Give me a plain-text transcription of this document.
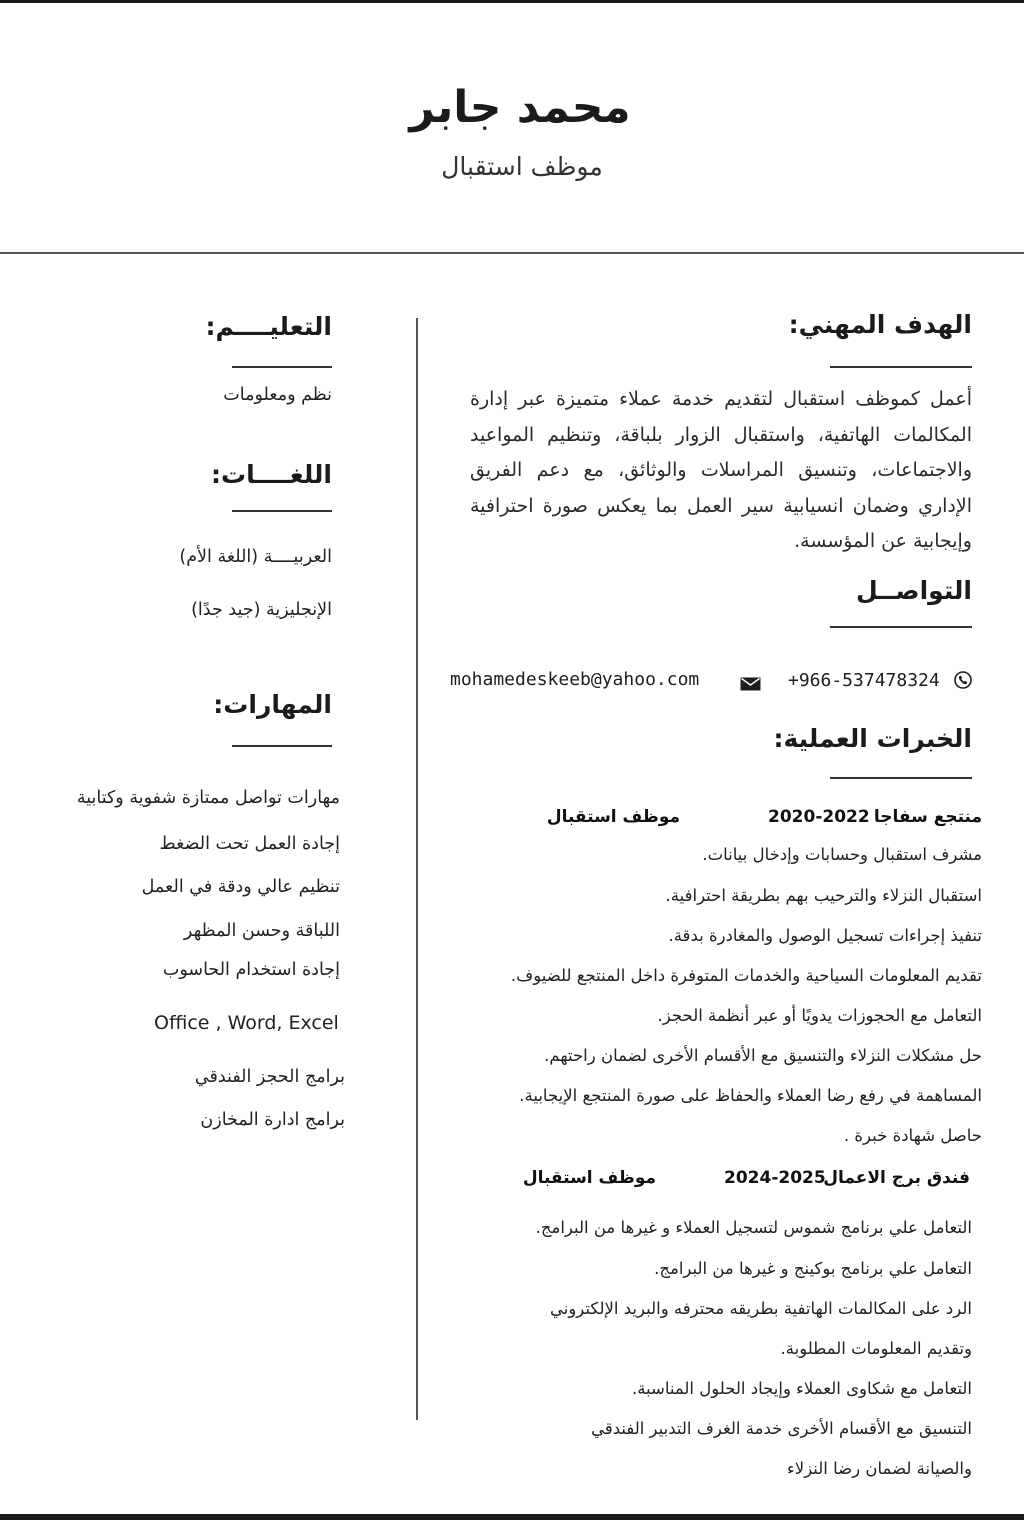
محمد جابر
موظف استقبال
الهدف المهني:
أعمل كموظف استقبال لتقديم خدمة عملاء متميزة عبر إدارة المكالمات الهاتفية، واستقبال الزوار بلباقة، وتنظيم المواعيد والاجتماعات، وتنسيق المراسلات والوثائق، مع دعم الفريق الإداري وضمان انسيابية سير العمل بما يعكس صورة احترافية وإيجابية عن المؤسسة.
التواصــل
+966-537478324
mohamedeskeeb@yahoo.com
الخبرات العملية:
منتجع سفاجا
2020-2022
موظف استقبال
مشرف استقبال وحسابات وإدخال بيانات.
استقبال النزلاء والترحيب بهم بطريقة احترافية.
تنفيذ إجراءات تسجيل الوصول والمغادرة بدقة.
تقديم المعلومات السياحية والخدمات المتوفرة داخل المنتجع للضيوف.
التعامل مع الحجوزات يدويًا أو عبر أنظمة الحجز.
حل مشكلات النزلاء والتنسيق مع الأقسام الأخرى لضمان راحتهم.
المساهمة في رفع رضا العملاء والحفاظ على صورة المنتجع الإيجابية.
حاصل شهادة خبرة .
فندق برج الاعمال
2024-2025
موظف استقبال
التعامل علي برنامج شموس لتسجيل العملاء و غيرها من البرامج.
التعامل علي برنامج بوكينج و غيرها من البرامج.
الرد على المكالمات الهاتفية بطريقه محترفه والبريد الإلكتروني
وتقديم المعلومات المطلوبة.
التعامل مع شكاوى العملاء وإيجاد الحلول المناسبة.
التنسيق مع الأقسام الأخرى خدمة الغرف التدبير الفندقي
والصيانة لضمان رضا النزلاء
التعليــــم:
نظم ومعلومات
اللغــــات:
العربيــــة (اللغة الأم)
الإنجليزية (جيد جدًا)
المهارات:
مهارات تواصل ممتازة شفوية وكتابية
إجادة العمل تحت الضغط
تنظيم عالي ودقة في العمل
اللباقة وحسن المظهر
إجادة استخدام الحاسوب
Office , Word, Excel
برامج الحجز الفندقي
برامج ادارة المخازن
